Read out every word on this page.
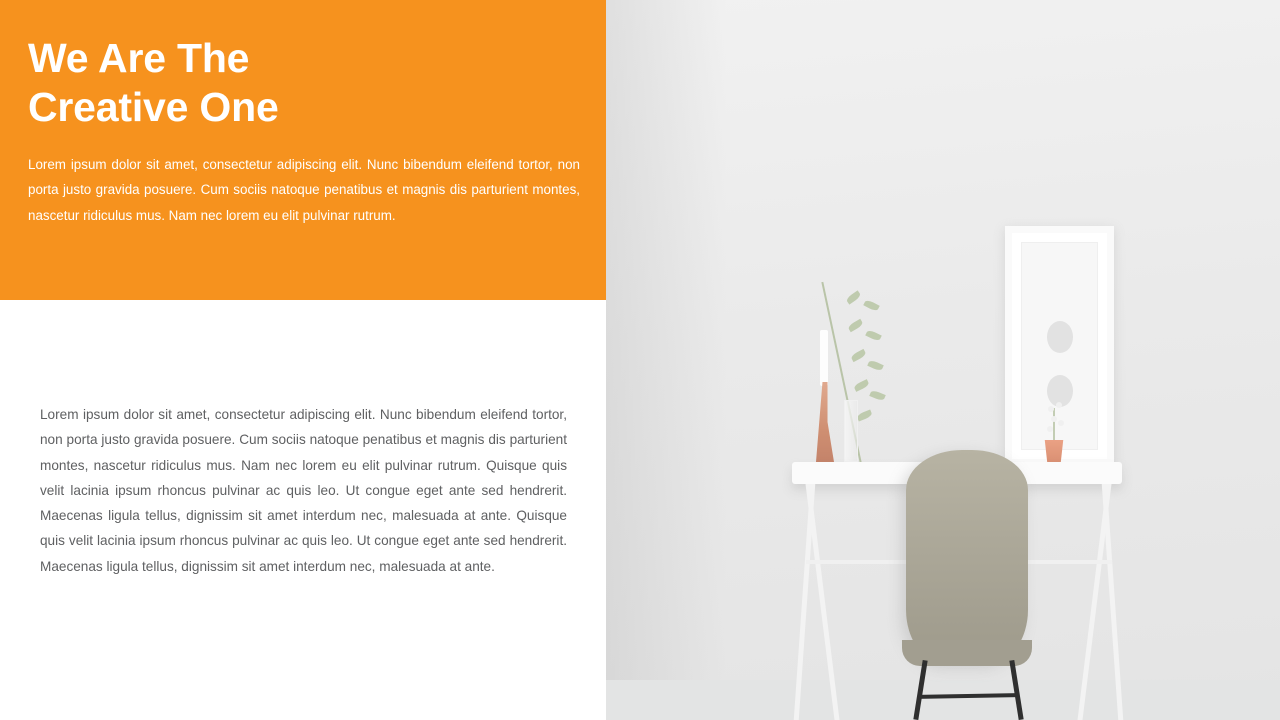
We Are The
Creative One

Lorem ipsum dolor sit amet, consectetur adipiscing elit. Nunc bibendum eleifend tortor, non porta justo gravida posuere. Cum sociis natoque penatibus et magnis dis parturient montes, nascetur ridiculus mus. Nam nec lorem eu elit pulvinar rutrum.

Lorem ipsum dolor sit amet, consectetur adipiscing elit. Nunc bibendum eleifend tortor, non porta justo gravida posuere. Cum sociis natoque penatibus et magnis dis parturient montes, nascetur ridiculus mus. Nam nec lorem eu elit pulvinar rutrum. Quisque quis velit lacinia ipsum rhoncus pulvinar ac quis leo. Ut congue eget ante sed hendrerit. Maecenas ligula tellus, dignissim sit amet interdum nec, malesuada at ante. Quisque quis velit lacinia ipsum rhoncus pulvinar ac quis leo. Ut congue eget ante sed hendrerit. Maecenas ligula tellus, dignissim sit amet interdum nec, malesuada at ante.
